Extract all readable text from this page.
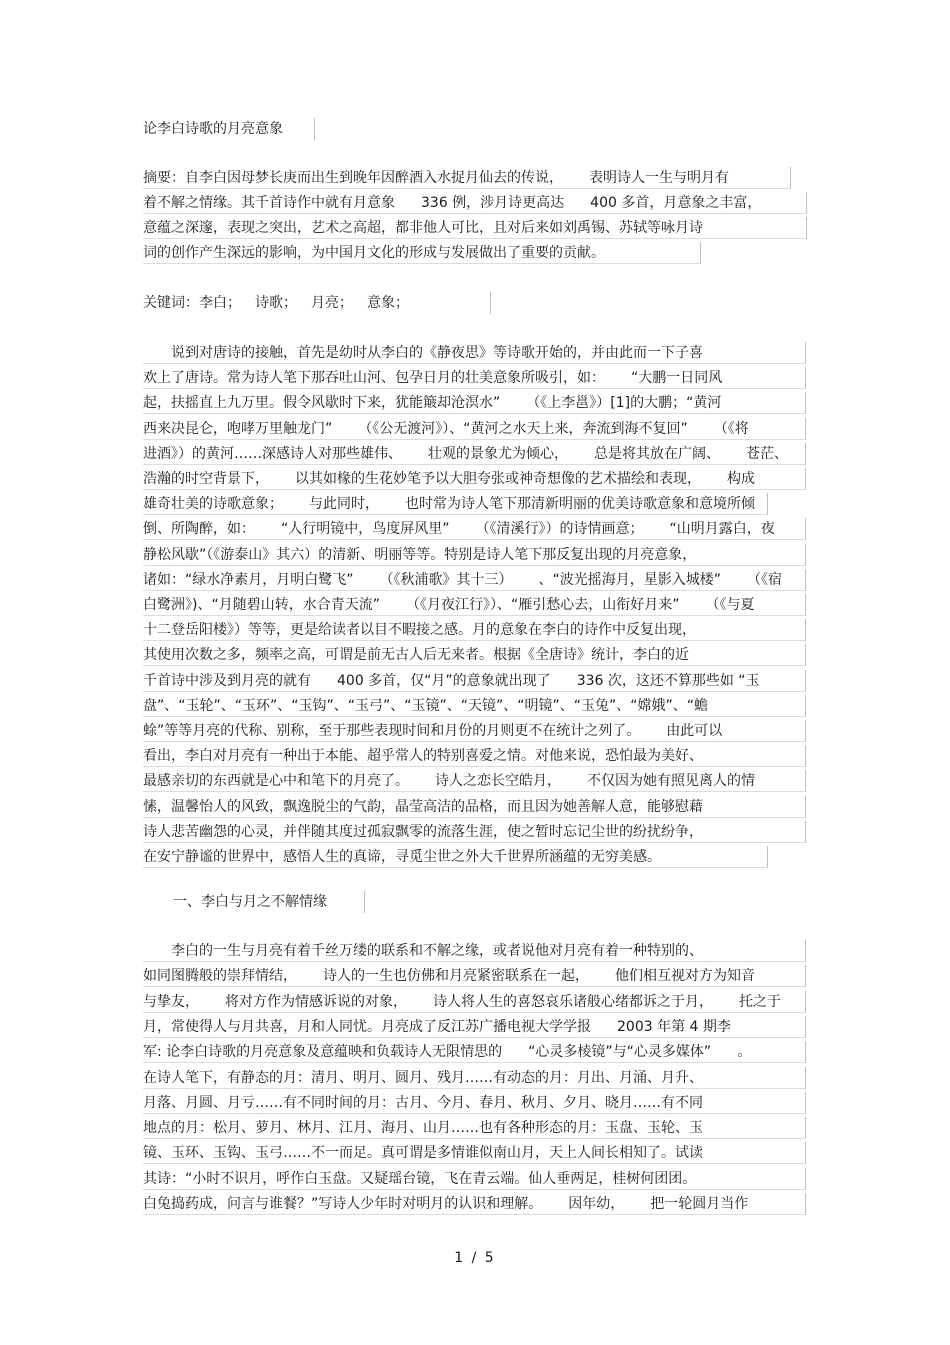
论李白诗歌的月亮意象
摘要：自李白因母梦长庚而出生到晚年因醉酒入水捉月仙去的传说， 表明诗人一生与明月有
着不解之情缘。其千首诗作中就有月意象 336 例，涉月诗更高达 400 多首，月意象之丰富，
意蕴之深邃，表现之突出，艺术之高超，都非他人可比，且对后来如刘禹锡、苏轼等咏月诗
词的创作产生深远的影响，为中国月文化的形成与发展做出了重要的贡献。
关键词：李白； 诗歌； 月亮； 意象；
说到对唐诗的接触，首先是幼时从李白的《静夜思》等诗歌开始的，并由此而一下子喜
欢上了唐诗。常为诗人笔下那吞吐山河、包孕日月的壮美意象所吸引，如： “大鹏一日同风
起，扶摇直上九万里。假令风歇时下来，犹能簸却沧溟水” （《上李邕》）[1]的大鹏；“黄河
西来决昆仑，咆哮万里触龙门” （《公无渡河》）、“黄河之水天上来，奔流到海不复回” （《将
进酒》）的黄河……深感诗人对那些雄伟、 壮观的景象尤为倾心， 总是将其放在广阔、 苍茫、
浩瀚的时空背景下， 以其如椽的生花妙笔予以大胆夸张或神奇想像的艺术描绘和表现， 构成
雄奇壮美的诗歌意象； 与此同时， 也时常为诗人笔下那清新明丽的优美诗歌意象和意境所倾
倒、所陶醉，如： “人行明镜中，鸟度屏风里” （《清溪行》）的诗情画意； “山明月露白，夜
静松风歇”（《游泰山》其六）的清新、明丽等等。特别是诗人笔下那反复出现的月亮意象，
诸如：“绿水净素月，月明白鹭飞” （《秋浦歌》其十三） 、“波光摇海月，星影入城楼” （《宿
白鹭洲》)、“月随碧山转，水合青天流” （《月夜江行》）、“雁引愁心去，山衔好月来” （《与夏
十二登岳阳楼》）等等，更是给读者以目不暇接之感。月的意象在李白的诗作中反复出现，
其使用次数之多，频率之高，可谓是前无古人后无来者。根据《全唐诗》统计，李白的近
千首诗中涉及到月亮的就有 400 多首，仅“月”的意象就出现了 336 次，这还不算那些如 “玉
盘”、“玉轮”、“玉环”、“玉钩”、“玉弓”、“玉镜”、“天镜”、“明镜”、“玉兔”、“嫦娥”、“蟾
蜍”等等月亮的代称、别称，至于那些表现时间和月份的月则更不在统计之列了。 由此可以
看出，李白对月亮有一种出于本能、超乎常人的特别喜爱之情。对他来说，恐怕最为美好、
最感亲切的东西就是心中和笔下的月亮了。 诗人之恋长空皓月， 不仅因为她有照见离人的情
愫，温馨怡人的风致，飘逸脱尘的气韵，晶莹高洁的品格，而且因为她善解人意，能够慰藉
诗人悲苦幽怨的心灵，并伴随其度过孤寂飘零的流落生涯，使之暂时忘记尘世的纷扰纷争，
在安宁静谧的世界中，感悟人生的真谛，寻觅尘世之外大千世界所涵蕴的无穷美感。
一、李白与月之不解情缘
李白的一生与月亮有着千丝万缕的联系和不解之缘，或者说他对月亮有着一种特别的、
如同图腾般的崇拜情结， 诗人的一生也仿佛和月亮紧密联系在一起， 他们相互视对方为知音
与挚友， 将对方作为情感诉说的对象， 诗人将人生的喜怒哀乐诸般心绪都诉之于月， 托之于
月，常使得人与月共喜，月和人同忧。月亮成了反江苏广播电视大学学报 2003 年第 4 期李
军: 论李白诗歌的月亮意象及意蕴映和负载诗人无限情思的 “心灵多棱镜”与“心灵多媒体” 。
在诗人笔下，有静态的月：清月、明月、圆月、残月……有动态的月：月出、月涌、月升、
月落、月圆、月亏……有不同时间的月：古月、今月、春月、秋月、夕月、晓月……有不同
地点的月：松月、萝月、林月、江月、海月、山月……也有各种形态的月：玉盘、玉轮、玉
镜、玉环、玉钩、玉弓……不一而足。真可谓是多情谁似南山月，天上人间长相知了。试读
其诗：“小时不识月，呼作白玉盘。又疑瑶台镜，飞在青云端。仙人垂两足，桂树何团团。
白兔捣药成，问言与谁餐？”写诗人少年时对明月的认识和理解。 因年幼， 把一轮圆月当作
1 / 5
